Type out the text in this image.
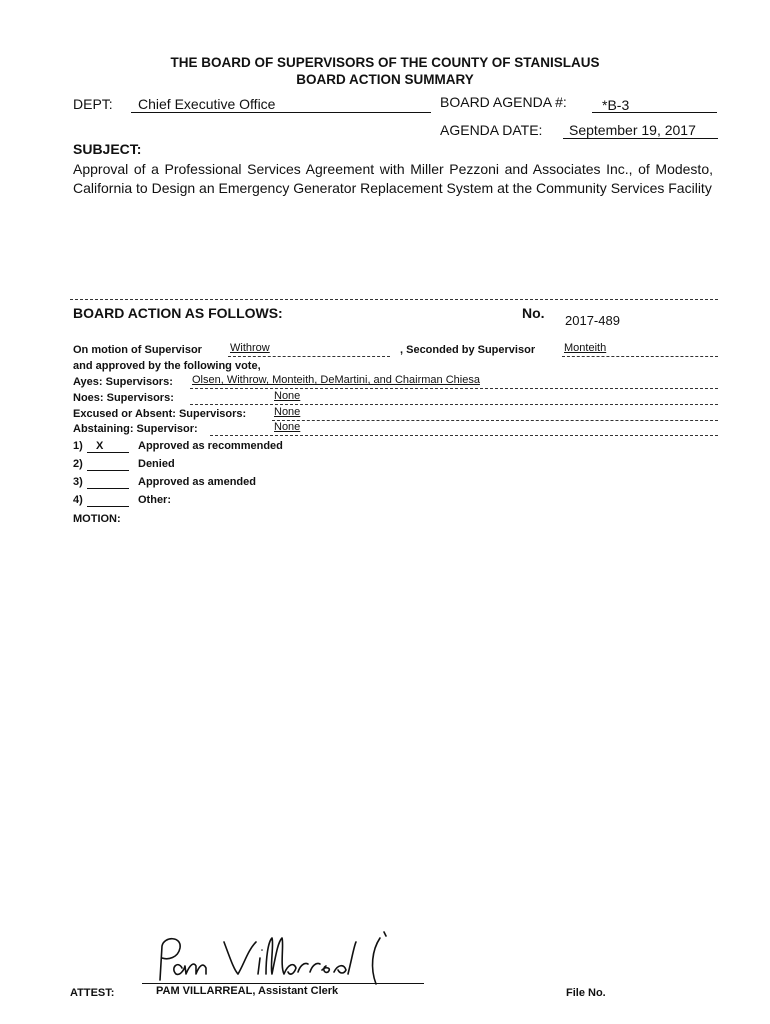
THE BOARD OF SUPERVISORS OF THE COUNTY OF STANISLAUS
BOARD ACTION SUMMARY
DEPT: Chief Executive Office	BOARD AGENDA #:	*B-3
AGENDA DATE: September 19, 2017
SUBJECT:
Approval of a Professional Services Agreement with Miller Pezzoni and Associates Inc., of Modesto, California to Design an Emergency Generator Replacement System at the Community Services Facility
BOARD ACTION AS FOLLOWS:	No. 2017-489
On motion of Supervisor	Withrow	, Seconded by Supervisor	Monteith
and approved by the following vote,
Ayes: Supervisors: Olsen, Withrow, Monteith, DeMartini, and Chairman Chiesa
Noes: Supervisors:	None
Excused or Absent: Supervisors:	None
Abstaining: Supervisor:	None
1) X	Approved as recommended
2)	Denied
3)	Approved as amended
4)	Other:
MOTION:
ATTEST:	PAM VILLARREAL, Assistant Clerk	File No.
